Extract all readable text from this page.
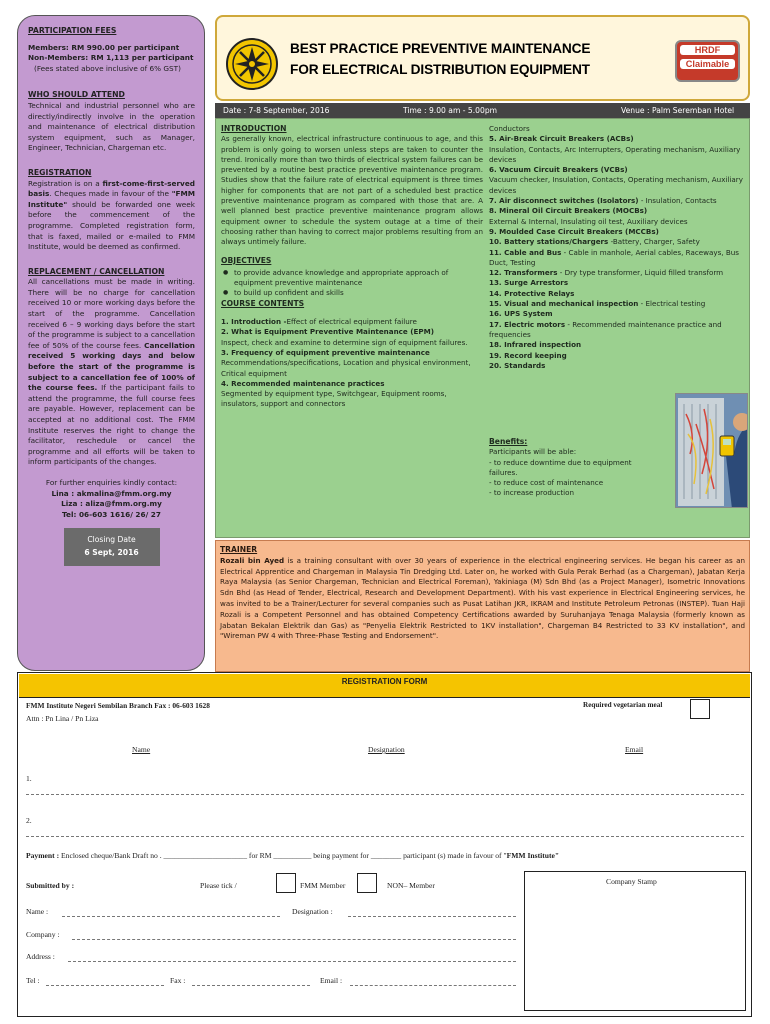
PARTICIPATION FEES
Members: RM 990.00 per participant
Non-Members: RM 1,113 per participant
(Fees stated above inclusive of 6% GST)
WHO SHOULD ATTEND

Technical and industrial personnel who are directly/indirectly involve in the operation and maintenance of electrical distribution system equipment, such as Manager, Engineer, Technician, Chargeman etc.

REGISTRATION

Registration is on a first-come-first-served basis. Cheques made in favour of the "FMM Institute" should be forwarded one week before the commencement of the programme. Completed registration form, that is faxed, mailed or e-mailed to FMM Institute, would be deemed as confirmed.

REPLACEMENT / CANCELLATION

All cancellations must be made in writing. There will be no charge for cancellation received 10 or more working days before the start of the programme. Cancellation received 6 – 9 working days before the start of the programme is subject to a cancellation fee of 50% of the course fees. Cancellation received 5 working days and below before the start of the programme is subject to a cancellation fee of 100% of the course fees. If the participant fails to attend the programme, the full course fees are payable. However, replacement can be accepted at no additional cost. The FMM Institute reserves the right to change the facilitator, reschedule or cancel the programme and all efforts will be taken to inform participants of the changes.

For further enquiries kindly contact:
Lina : akmalina@fmm.org.my
Liza : aliza@fmm.org.my
Tel: 06-603 1616/ 26/ 27
Closing Date
6 Sept, 2016
BEST PRACTICE PREVENTIVE MAINTENANCE
FOR ELECTRICAL DISTRIBUTION EQUIPMENT
HRDF
Claimable
Date : 7-8 September, 2016	Time : 9.00 am - 5.00pm	Venue : Palm Seremban Hotel
INTRODUCTION

As generally known, electrical infrastructure continuous to age, and this problem is only going to worsen unless steps are taken to counter the trend. Ironically more than two thirds of electrical system failures can be prevented by a routine best practice preventive maintenance program. Studies show that the failure rate of electrical equipment is three times higher for components that are not part of a scheduled best practice preventive maintenance program as compared with those that are. A well planned best practice preventive maintenance program allows equipment owner to schedule the system outage at a time of their choosing rather than having to correct major problems resulting from an always untimely failure.

OBJECTIVES
● to provide advance knowledge and appropriate approach of equipment preventive maintenance
● to build up confident and skills
COURSE CONTENTS
1. Introduction -Effect of electrical equipment failure
2. What is Equipment Preventive Maintenance (EPM)
Inspect, check and examine to determine sign of equipment failures.
3. Frequency of equipment preventive maintenance
Recommendations/specifications, Location and physical environment, Critical equipment
4. Recommended maintenance practices
Segmented by equipment type, Switchgear, Equipment rooms, insulators, support and connectors
Conductors
5. Air-Break Circuit Breakers (ACBs)
Insulation, Contacts, Arc Interrupters, Operating mechanism, Auxiliary devices
6. Vacuum Circuit Breakers (VCBs)
Vacuum checker, Insulation, Contacts, Operating mechanism, Auxiliary devices
7. Air disconnect switches (Isolators) - Insulation, Contacts
8. Mineral Oil Circuit Breakers (MOCBs)
External & Internal, Insulating oil test, Auxiliary devices
9. Moulded Case Circuit Breakers (MCCBs)
10. Battery stations/Chargers -Battery, Charger, Safety
11. Cable and Bus - Cable in manhole, Aerial cables, Raceways, Bus Duct, Testing
12. Transformers - Dry type transformer, Liquid filled transform
13. Surge Arrestors
14. Protective Relays
15. Visual and mechanical inspection - Electrical testing
16. UPS System
17. Electric motors - Recommended maintenance practice and frequencies
18. Infrared inspection
19. Record keeping
20. Standards
Benefits:
Participants will be able:
- to reduce downtime due to equipment failures.
- to reduce cost of maintenance
- to increase production
TRAINER
Rozali bin Ayed is a training consultant with over 30 years of experience in the electrical engineering services. He began his career as an Electrical Apprentice and Chargeman in Malaysia Tin Dredging Ltd. Later on, he worked with Gula Perak Berhad (as a Chargeman), Jabatan Kerja Raya Malaysia (as Senior Chargeman, Technician and Electrical Foreman), Yakiniaga (M) Sdn Bhd (as a Project Manager), Isometric Innovations Sdn Bhd (as Head of Tender, Electrical, Research and Development Department). With his vast experience in Electrical Engineering services, he was invited to be a Trainer/Lecturer for several companies such as Pusat Latihan JKR, IKRAM and Institute Petroleum Petronas (INSTEP). Tuan Haji Rozali is a Competent Personnel and has obtained Competency Certifications awarded by Suruhanjaya Tenaga Malaysia (formerly known as Jabatan Bekalan Elektrik dan Gas) as "Penyelia Elektrik Restricted to 1KV installation", Chargeman B4 Restricted to 33 KV installation", and "Wireman PW 4 with Three-Phase Testing and Endorsement".
REGISTRATION FORM
FMM Institute Negeri Sembilan Branch Fax : 06-603 1628
Attn : Pn Lina / Pn Liza
Required vegetarian meal
Name	Designation	Email
1.
2.
Payment : Enclosed cheque/Bank Draft no . ______________________ for RM __________ being payment for ________ participant (s) made in favour of "FMM Institute"
Submitted by :	Please tick /	FMM Member	NON– Member	Company Stamp
Name :	Designation :
Company :
Address :
Tel :	Fax :	Email :
